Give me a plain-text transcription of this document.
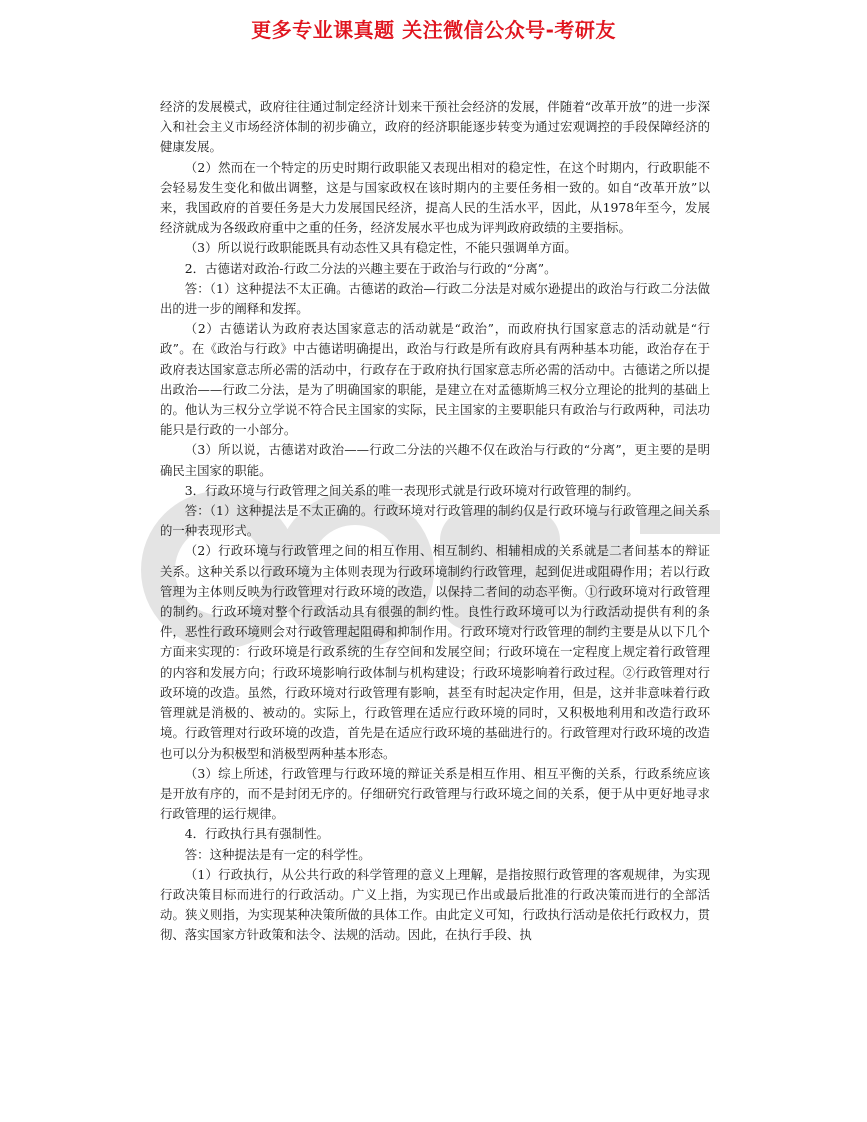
更多专业课真题 关注微信公众号-考研友

经济的发展模式，政府往往通过制定经济计划来干预社会经济的发展，伴随着“改革开放”的进一步深入和社会主义市场经济体制的初步确立，政府的经济职能逐步转变为通过宏观调控的手段保障经济的健康发展。

（2）然而在一个特定的历史时期行政职能又表现出相对的稳定性，在这个时期内，行政职能不会轻易发生变化和做出调整，这是与国家政权在该时期内的主要任务相一致的。如自“改革开放”以来，我国政府的首要任务是大力发展国民经济，提高人民的生活水平，因此，从1978年至今，发展经济就成为各级政府重中之重的任务，经济发展水平也成为评判政府政绩的主要指标。

（3）所以说行政职能既具有动态性又具有稳定性，不能只强调单方面。

2．古德诺对政治-行政二分法的兴趣主要在于政治与行政的“分离”。

答：（1）这种提法不太正确。古德诺的政治—行政二分法是对威尔逊提出的政治与行政二分法做出的进一步的阐释和发挥。

（2）古德诺认为政府表达国家意志的活动就是“政治”，而政府执行国家意志的活动就是“行政”。在《政治与行政》中古德诺明确提出，政治与行政是所有政府具有两种基本功能，政治存在于政府表达国家意志所必需的活动中，行政存在于政府执行国家意志所必需的活动中。古德诺之所以提出政治——行政二分法，是为了明确国家的职能，是建立在对孟德斯鸠三权分立理论的批判的基础上的。他认为三权分立学说不符合民主国家的实际，民主国家的主要职能只有政治与行政两种，司法功能只是行政的一小部分。

（3）所以说，古德诺对政治——行政二分法的兴趣不仅在政治与行政的“分离”，更主要的是明确民主国家的职能。

3．行政环境与行政管理之间关系的唯一表现形式就是行政环境对行政管理的制约。

答：（1）这种提法是不太正确的。行政环境对行政管理的制约仅是行政环境与行政管理之间关系的一种表现形式。

（2）行政环境与行政管理之间的相互作用、相互制约、相辅相成的关系就是二者间基本的辩证关系。这种关系以行政环境为主体则表现为行政环境制约行政管理，起到促进或阻碍作用；若以行政管理为主体则反映为行政管理对行政环境的改造，以保持二者间的动态平衡。①行政环境对行政管理的制约。行政环境对整个行政活动具有很强的制约性。良性行政环境可以为行政活动提供有利的条件，恶性行政环境则会对行政管理起阻碍和抑制作用。行政环境对行政管理的制约主要是从以下几个方面来实现的：行政环境是行政系统的生存空间和发展空间；行政环境在一定程度上规定着行政管理的内容和发展方向；行政环境影响行政体制与机构建设；行政环境影响着行政过程。②行政管理对行政环境的改造。虽然，行政环境对行政管理有影响，甚至有时起决定作用，但是，这并非意味着行政管理就是消极的、被动的。实际上，行政管理在适应行政环境的同时，又积极地利用和改造行政环境。行政管理对行政环境的改造，首先是在适应行政环境的基础进行的。行政管理对行政环境的改造也可以分为积极型和消极型两种基本形态。

（3）综上所述，行政管理与行政环境的辩证关系是相互作用、相互平衡的关系，行政系统应该是开放有序的，而不是封闭无序的。仔细研究行政管理与行政环境之间的关系，便于从中更好地寻求行政管理的运行规律。

4．行政执行具有强制性。

答：这种提法是有一定的科学性。

（1）行政执行，从公共行政的科学管理的意义上理解，是指按照行政管理的客观规律，为实现行政决策目标而进行的行政活动。广义上指，为实现已作出或最后批准的行政决策而进行的全部活动。狭义则指，为实现某种决策所做的具体工作。由此定义可知，行政执行活动是依托行政权力，贯彻、落实国家方针政策和法令、法规的活动。因此，在执行手段、执
